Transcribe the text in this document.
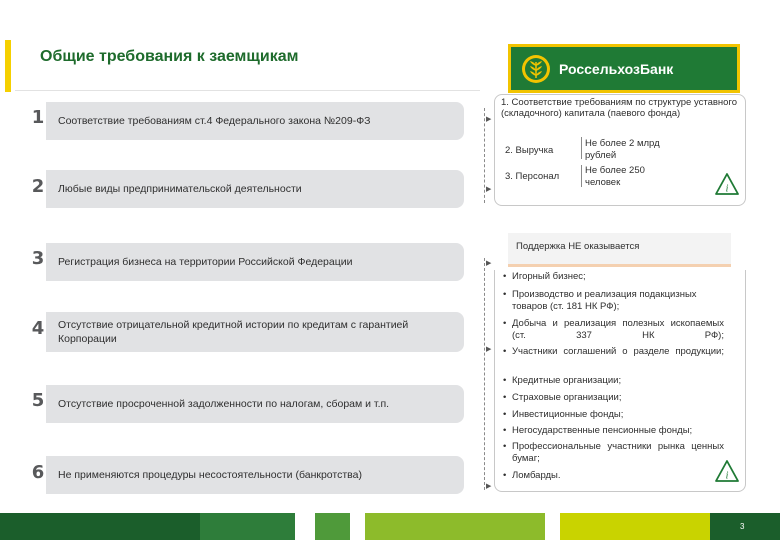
Общие требования к заемщикам
РоссельхозБанк
1	Соответствие требованиям ст.4 Федерального закона №209-ФЗ
2	Любые виды предпринимательской деятельности
3	Регистрация бизнеса на территории Российской Федерации
4	Отсутствие отрицательной кредитной истории по кредитам с гарантией Корпорации
5	Отсутствие просроченной задолженности по налогам, сборам и т.п.
6	Не применяются процедуры несостоятельности (банкротства)
▶
▶
▶
▶
▶
1. Соответствие требованиям по структуре уставного (складочного) капитала (паевого фонда)
2. Выручка
Не более 2 млрд рублей
3. Персонал
Не более 250 человек
i
Поддержка НЕ оказывается
• Игорный бизнес;
• Производство и реализация подакцизных товаров (ст. 181 НК РФ);
• Добыча и реализация полезных ископаемых (ст. 337 НК РФ);
• Участники соглашений о разделе продукции;
• Кредитные организации;
• Страховые организации;
• Инвестиционные фонды;
• Негосударственные пенсионные фонды;
• Профессиональные участники рынка ценных бумаг;
• Ломбарды.	i
3
